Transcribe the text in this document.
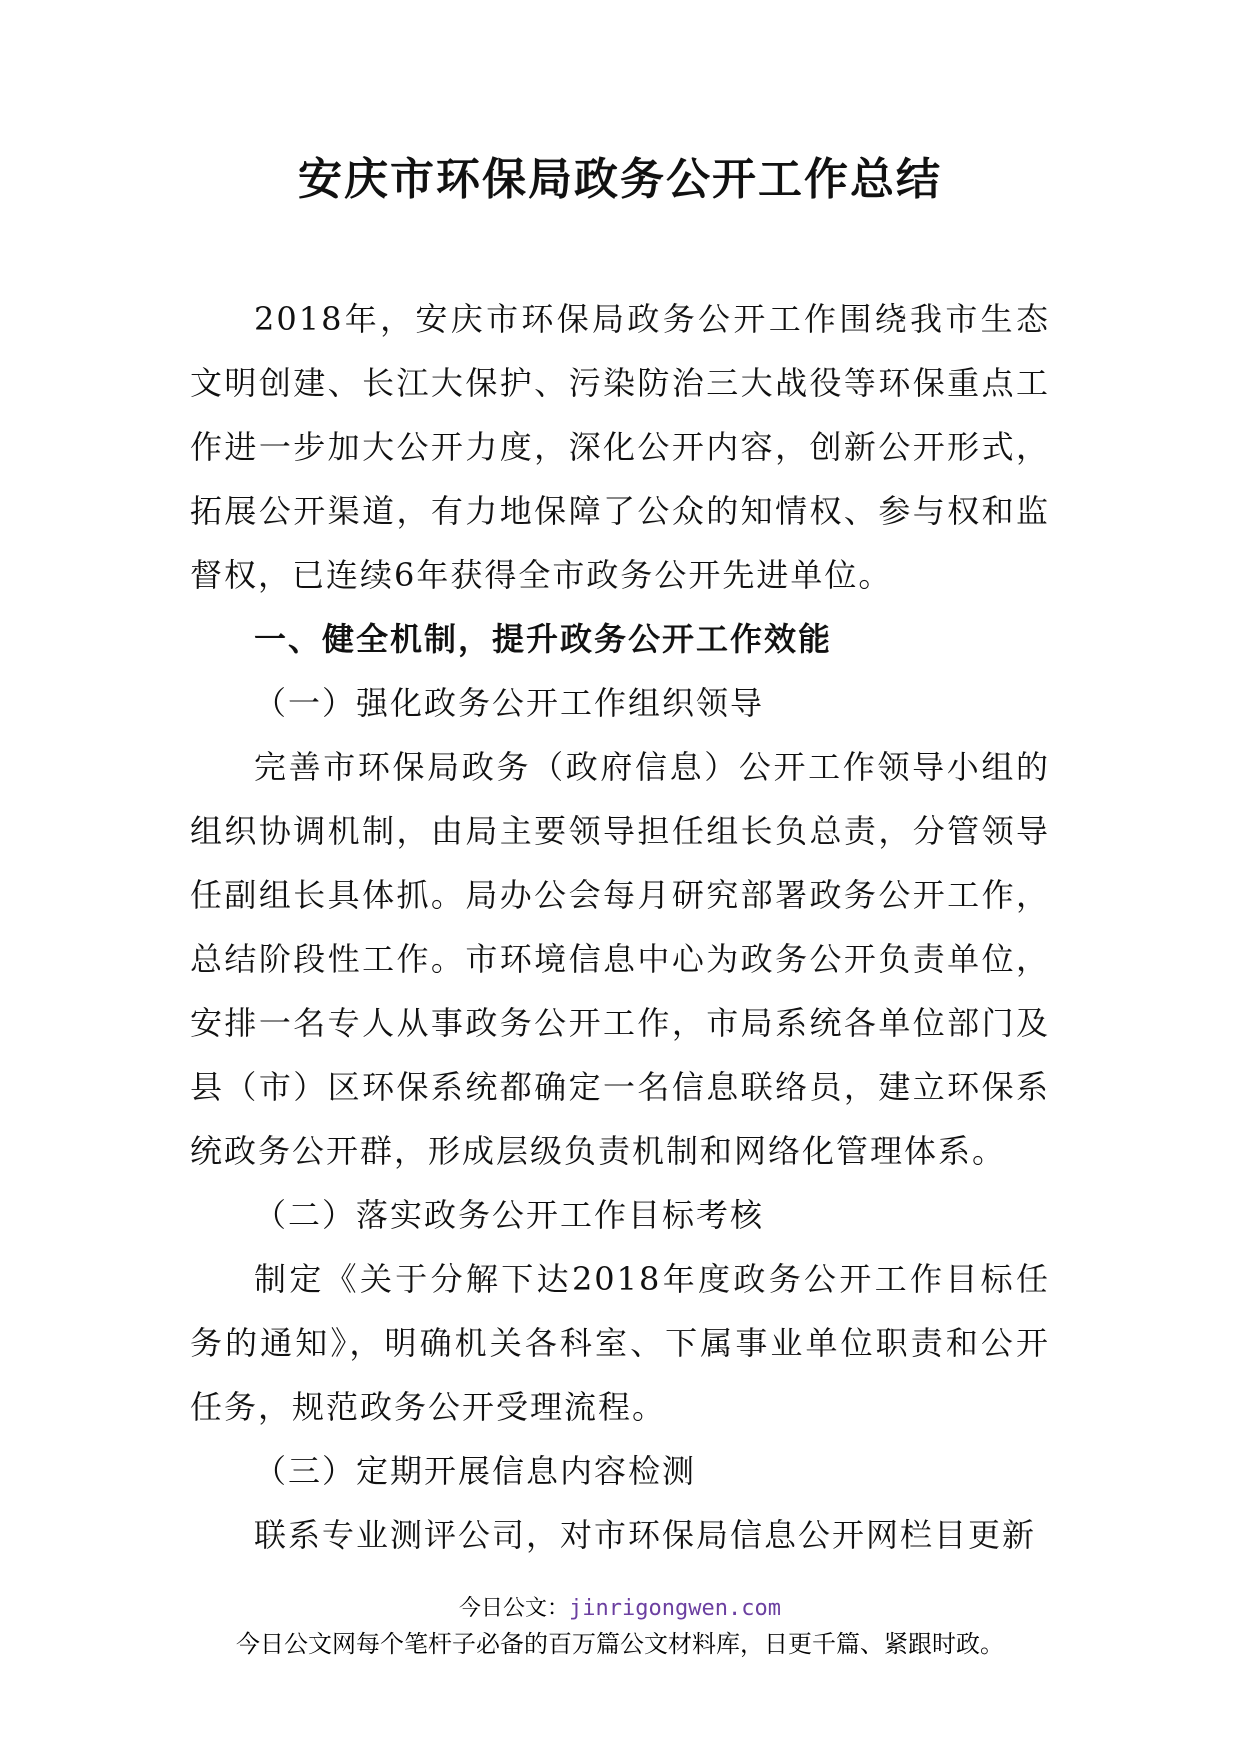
安庆市环保局政务公开工作总结

2018年，安庆市环保局政务公开工作围绕我市生态文明创建、长江大保护、污染防治三大战役等环保重点工作进一步加大公开力度，深化公开内容，创新公开形式，拓展公开渠道，有力地保障了公众的知情权、参与权和监督权，已连续6年获得全市政务公开先进单位。

一、健全机制，提升政务公开工作效能

（一）强化政务公开工作组织领导

完善市环保局政务（政府信息）公开工作领导小组的组织协调机制，由局主要领导担任组长负总责，分管领导任副组长具体抓。局办公会每月研究部署政务公开工作，总结阶段性工作。市环境信息中心为政务公开负责单位，安排一名专人从事政务公开工作，市局系统各单位部门及县（市）区环保系统都确定一名信息联络员，建立环保系统政务公开群，形成层级负责机制和网络化管理体系。

（二）落实政务公开工作目标考核

制定《关于分解下达2018年度政务公开工作目标任务的通知》，明确机关各科室、下属事业单位职责和公开任务，规范政务公开受理流程。

（三）定期开展信息内容检测

联系专业测评公司，对市环保局信息公开网栏目更新

今日公文：jinrigongwen.com
今日公文网每个笔杆子必备的百万篇公文材料库，日更千篇、紧跟时政。
